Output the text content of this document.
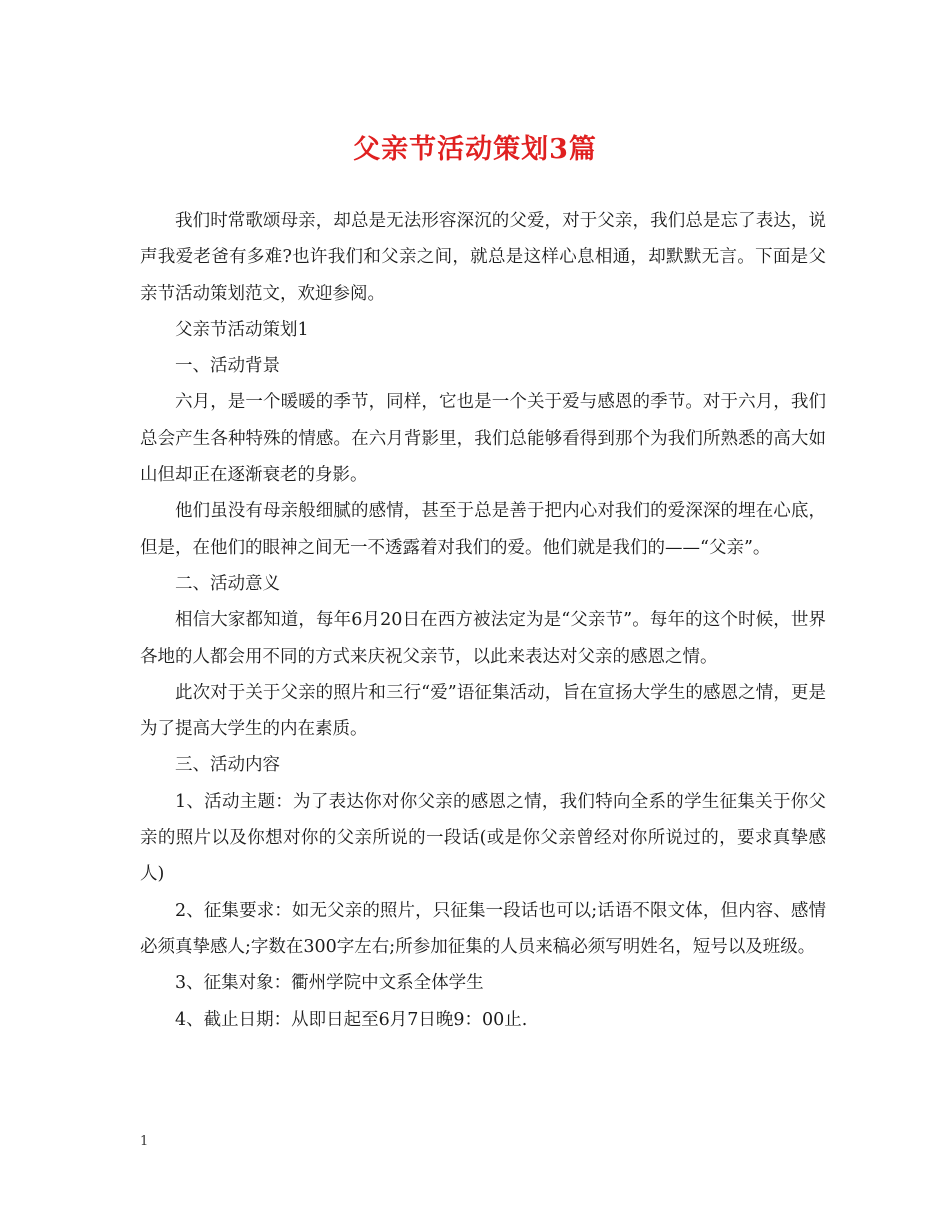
父亲节活动策划3篇

我们时常歌颂母亲，却总是无法形容深沉的父爱，对于父亲，我们总是忘了表达，说声我爱老爸有多难?也许我们和父亲之间，就总是这样心息相通，却默默无言。下面是父亲节活动策划范文，欢迎参阅。

父亲节活动策划1

一、活动背景

六月，是一个暖暖的季节，同样，它也是一个关于爱与感恩的季节。对于六月，我们总会产生各种特殊的情感。在六月背影里，我们总能够看得到那个为我们所熟悉的高大如山但却正在逐渐衰老的身影。

他们虽没有母亲般细腻的感情，甚至于总是善于把内心对我们的爱深深的埋在心底，但是，在他们的眼神之间无一不透露着对我们的爱。他们就是我们的——“父亲”。

二、活动意义

相信大家都知道，每年6月20日在西方被法定为是“父亲节”。每年的这个时候，世界各地的人都会用不同的方式来庆祝父亲节，以此来表达对父亲的感恩之情。

此次对于关于父亲的照片和三行“爱”语征集活动，旨在宣扬大学生的感恩之情，更是为了提高大学生的内在素质。

三、活动内容

1、活动主题：为了表达你对你父亲的感恩之情，我们特向全系的学生征集关于你父亲的照片以及你想对你的父亲所说的一段话(或是你父亲曾经对你所说过的，要求真挚感人)

2、征集要求：如无父亲的照片，只征集一段话也可以;话语不限文体，但内容、感情必须真挚感人;字数在300字左右;所参加征集的人员来稿必须写明姓名，短号以及班级。

3、征集对象：衢州学院中文系全体学生

4、截止日期：从即日起至6月7日晚9：00止.

1
